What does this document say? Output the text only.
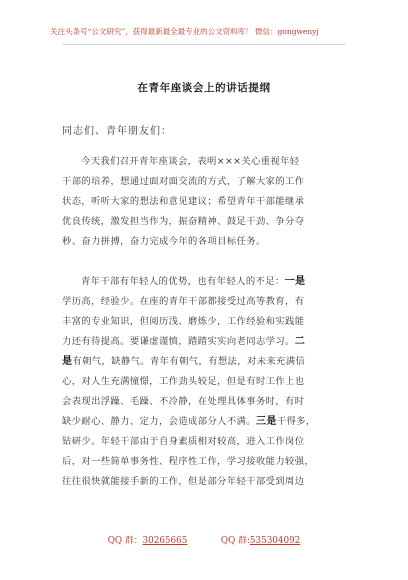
关注头条号“公文研究”，获得最新最全最专业的公文资料库！ 微信：gongwenyj
在青年座谈会上的讲话提纲
同志们、青年朋友们：
今天我们召开青年座谈会，表明×××关心重视年轻
干部的培养，想通过面对面交流的方式，了解大家的工作
状态，听听大家的想法和意见建议；希望青年干部能继承
优良传统，激发担当作为，振奋精神、鼓足干劲、争分夺
秒、奋力拼搏，奋力完成今年的各项目标任务。
青年干部有年轻人的优势，也有年轻人的不足：一是
学历高，经验少。在座的青年干部都接受过高等教育，有
丰富的专业知识，但阅历浅、磨炼少，工作经验和实践能
力还有待提高。要谦虚谨慎，踏踏实实向老同志学习。二
是有朝气，缺静气。青年有朝气，有想法，对未来充满信
心，对人生充满憧憬，工作劲头较足，但是有时工作上也
会表现出浮躁、毛躁、不冷静，在处理具体事务时，有时
缺少耐心、静力、定力，会造成部分人不满。三是干得多，
钻研少。年轻干部由于自身素质相对较高，进入工作岗位
后，对一些简单事务性、程序性工作，学习接收能力较强，
往往很快就能接手新的工作，但是部分年轻干部受到周边
QQ 群：30265665	QQ 群:535304092
